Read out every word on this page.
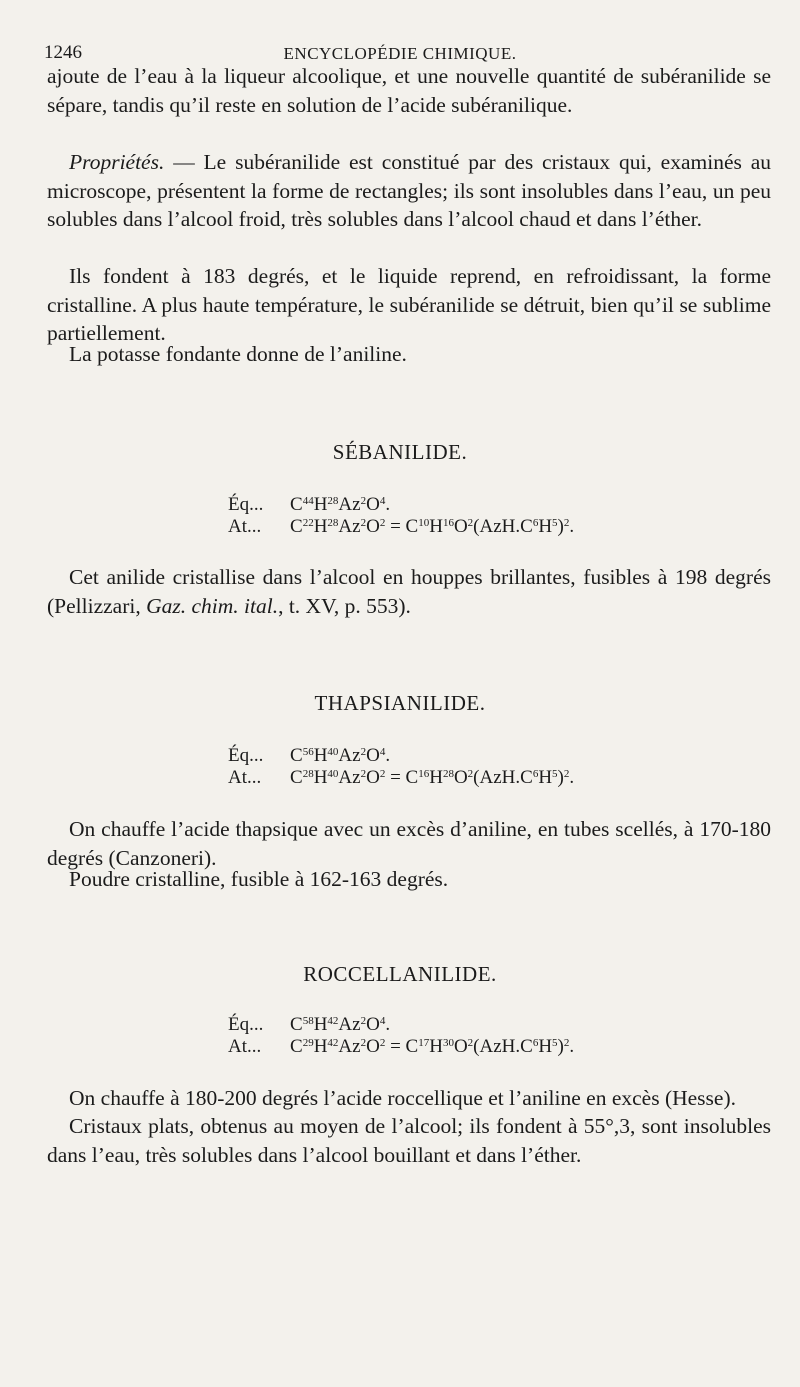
1246	ENCYCLOPÉDIE CHIMIQUE.

ajoute de l’eau à la liqueur alcoolique, et une nouvelle quantité de subéranilide se sépare, tandis qu’il reste en solution de l’acide subéranilique.

Propriétés. — Le subéranilide est constitué par des cristaux qui, examinés au microscope, présentent la forme de rectangles; ils sont insolubles dans l’eau, un peu solubles dans l’alcool froid, très solubles dans l’alcool chaud et dans l’éther.

Ils fondent à 183 degrés, et le liquide reprend, en refroidissant, la forme cristalline. A plus haute température, le subéranilide se détruit, bien qu’il se sublime partiellement.

La potasse fondante donne de l’aniline.

SÉBANILIDE.
Éq... $C^{44}H^{28}Az^2O^4$.
At... $C^{22}H^{28}Az^2O^2 = C^{10}H^{16}O^2(AzH.C^6H^5)^2$.

Cet anilide cristallise dans l’alcool en houppes brillantes, fusibles à 198 degrés (Pellizzari, Gaz. chim. ital., t. XV, p. 553).

THAPSIANILIDE.
Éq... $C^{56}H^{40}Az^2O^4$.
At... $C^{28}H^{40}Az^2O^2 = C^{16}H^{28}O^2(AzH.C^6H^5)^2$.

On chauffe l’acide thapsique avec un excès d’aniline, en tubes scellés, à 170-180 degrés (Canzoneri).

Poudre cristalline, fusible à 162-163 degrés.

ROCCELLANILIDE.
Éq... $C^{58}H^{42}Az^2O^4$.
At... $C^{29}H^{42}Az^2O^2 = C^{17}H^{30}O^2(AzH.C^6H^5)^2$.

On chauffe à 180-200 degrés l’acide roccellique et l’aniline en excès (Hesse).

Cristaux plats, obtenus au moyen de l’alcool; ils fondent à 55°,3, sont insolubles dans l’eau, très solubles dans l’alcool bouillant et dans l’éther.
